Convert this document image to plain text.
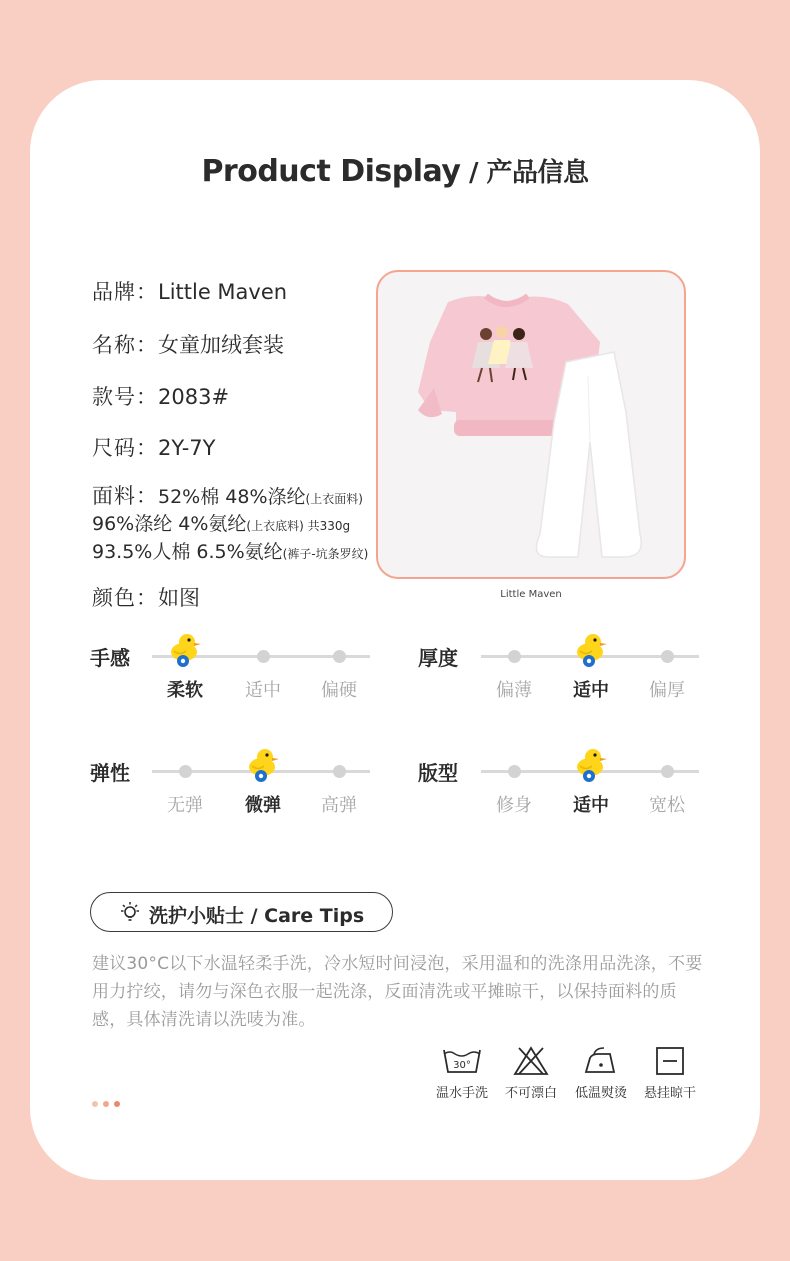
Product Display / 产品信息
品牌：Little Maven
名称：女童加绒套装
款号：2083#
尺码：2Y-7Y
面料：52%棉 48%涤纶(上衣面料)
96%涤纶 4%氨纶(上衣底料) 共330g
93.5%人棉 6.5%氨纶(裤子-坑条罗纹)
颜色：如图	Little Maven
手感
柔软	适中	偏硬
厚度
偏薄	适中	偏厚
弹性
无弹	微弹	高弹
版型
修身	适中	宽松
洗护小贴士 / Care Tips
建议30°C以下水温轻柔手洗，冷水短时间浸泡，采用温和的洗涤用品洗涤，不要用力拧绞，请勿与深色衣服一起洗涤，反面清洗或平摊晾干，以保持面料的质感，具体清洗请以洗唛为准。
30°
温水手洗	不可漂白	低温熨烫	悬挂晾干
